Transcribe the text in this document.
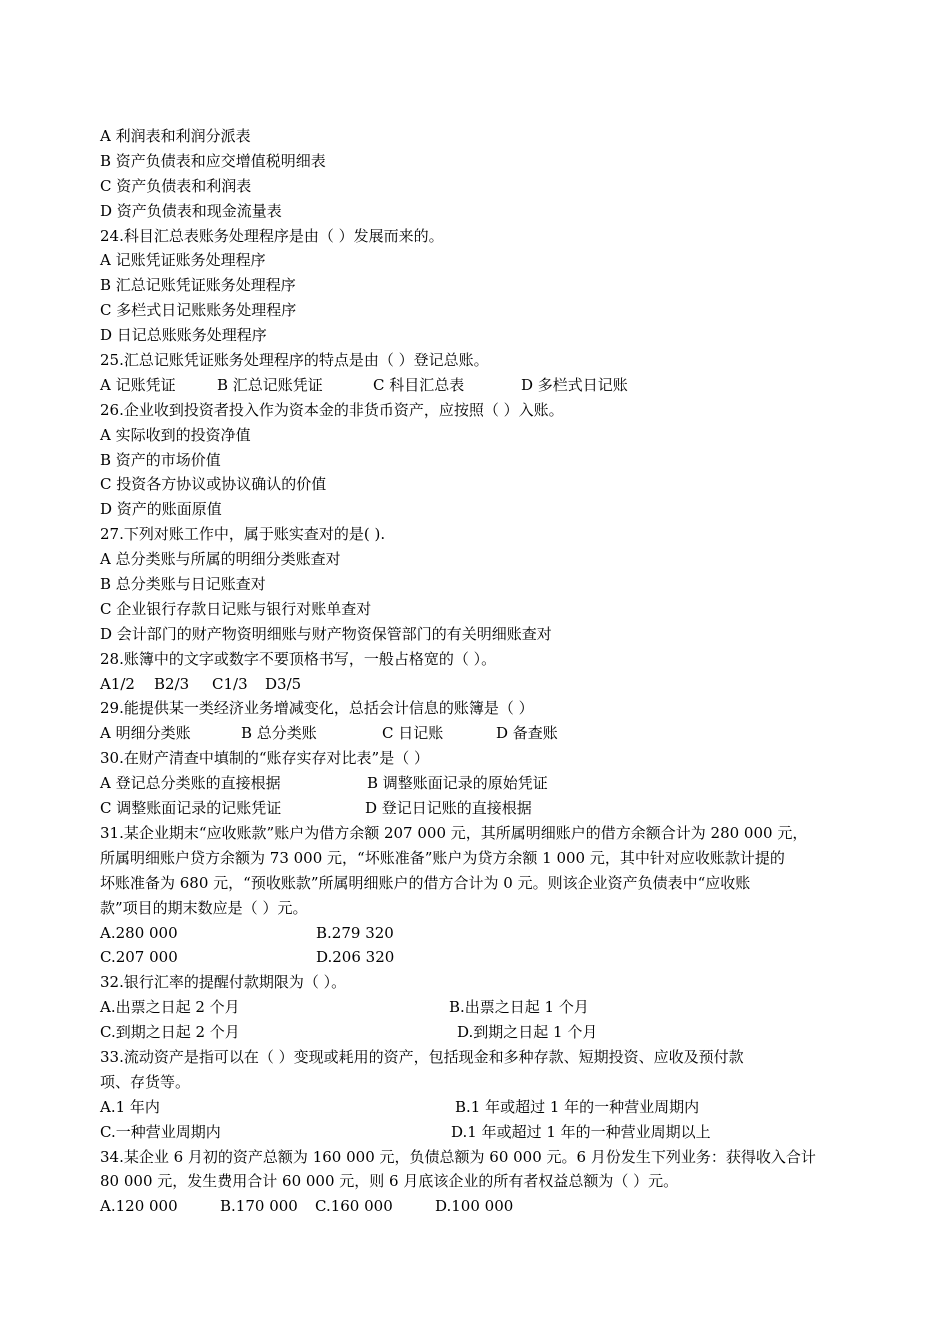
A 利润表和利润分派表
B 资产负债表和应交增值税明细表
C 资产负债表和利润表
D 资产负债表和现金流量表
24.科目汇总表账务处理程序是由（ ）发展而来的。
A 记账凭证账务处理程序
B 汇总记账凭证账务处理程序
C 多栏式日记账账务处理程序
D 日记总账账务处理程序
25.汇总记账凭证账务处理程序的特点是由（ ）登记总账。
A 记账凭证	B 汇总记账凭证	C 科目汇总表	D 多栏式日记账
26.企业收到投资者投入作为资本金的非货币资产，应按照（ ）入账。
A 实际收到的投资净值
B 资产的市场价值
C 投资各方协议或协议确认的价值
D 资产的账面原值
27.下列对账工作中，属于账实查对的是( ).
A 总分类账与所属的明细分类账查对
B 总分类账与日记账查对
C 企业银行存款日记账与银行对账单查对
D 会计部门的财产物资明细账与财产物资保管部门的有关明细账查对
28.账簿中的文字或数字不要顶格书写，一般占格宽的（ ）。
A1/2 B2/3 C1/3 D3/5
29.能提供某一类经济业务增减变化，总括会计信息的账簿是（ ）
A 明细分类账	B 总分类账	C 日记账	D 备查账
30.在财产清查中填制的“账存实存对比表”是（ ）
A 登记总分类账的直接根据	B 调整账面记录的原始凭证
C 调整账面记录的记账凭证	D 登记日记账的直接根据
31.某企业期末“应收账款”账户为借方余额 207 000 元，其所属明细账户的借方余额合计为 280 000 元，
所属明细账户贷方余额为 73 000 元，“坏账准备”账户为贷方余额 1 000 元，其中针对应收账款计提的
坏账准备为 680 元，“预收账款”所属明细账户的借方合计为 0 元。则该企业资产负债表中“应收账
款”项目的期末数应是（ ）元。
A.280 000	B.279 320
C.207 000	D.206 320
32.银行汇率的提醒付款期限为（ ）。
A.出票之日起 2 个月	B.出票之日起 1 个月
C.到期之日起 2 个月	D.到期之日起 1 个月
33.流动资产是指可以在（ ）变现或耗用的资产，包括现金和多种存款、短期投资、应收及预付款
项、存货等。
A.1 年内	B.1 年或超过 1 年的一种营业周期内
C.一种营业周期内	D.1 年或超过 1 年的一种营业周期以上
34.某企业 6 月初的资产总额为 160 000 元，负债总额为 60 000 元。6 月份发生下列业务：获得收入合计
80 000 元，发生费用合计 60 000 元，则 6 月底该企业的所有者权益总额为（ ）元。
A.120 000	B.170 000 C.160 000	D.100 000
